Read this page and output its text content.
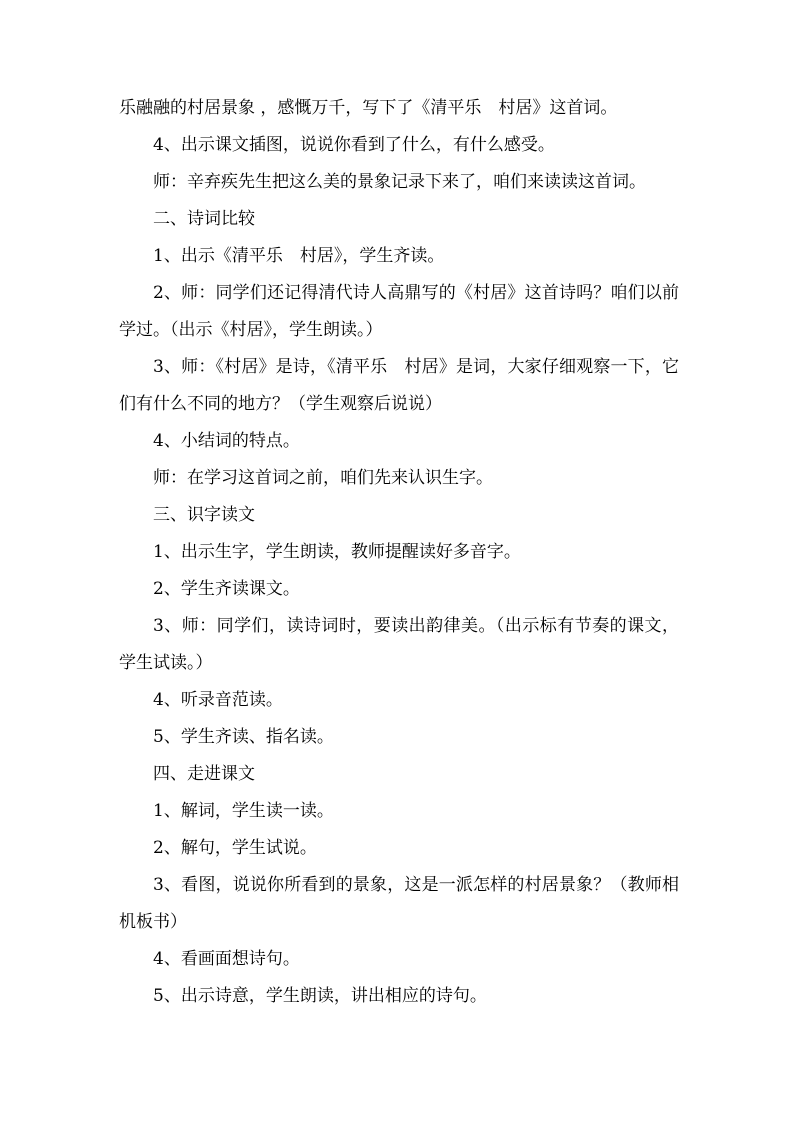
乐融融的村居景象 ，感慨万千，写下了《清平乐　村居》这首词。

4、出示课文插图，说说你看到了什么，有什么感受。

师：辛弃疾先生把这么美的景象记录下来了，咱们来读读这首词。

二、诗词比较

1、出示《清平乐　村居》，学生齐读。

2、师：同学们还记得清代诗人高鼎写的《村居》这首诗吗？咱们以前学过。（出示《村居》，学生朗读。）

3、师：《村居》是诗，《清平乐　村居》是词，大家仔细观察一下，它们有什么不同的地方？（学生观察后说说）

4、小结词的特点。

师：在学习这首词之前，咱们先来认识生字。

三、识字读文

1、出示生字，学生朗读，教师提醒读好多音字。

2、学生齐读课文。

3、师：同学们，读诗词时，要读出韵律美。（出示标有节奏的课文，学生试读。）

4、听录音范读。

5、学生齐读、指名读。

四、走进课文

1、解词，学生读一读。

2、解句，学生试说。

3、看图，说说你所看到的景象，这是一派怎样的村居景象？（教师相机板书）

4、看画面想诗句。

5、出示诗意，学生朗读，讲出相应的诗句。
